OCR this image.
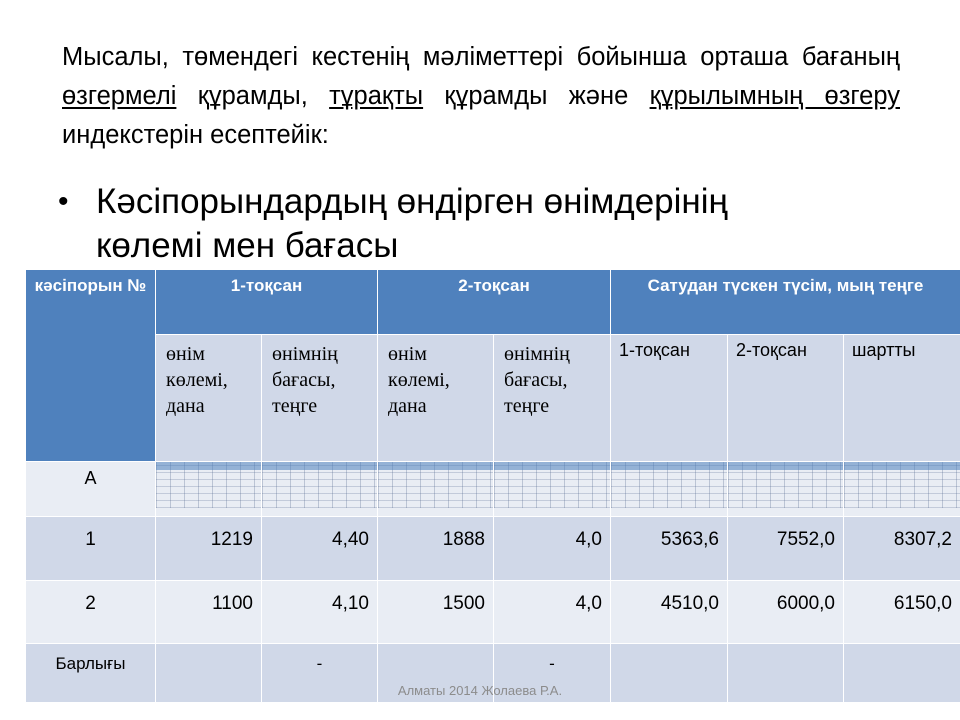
Мысалы, төмендегі кестенің мәліметтері бойынша орташа бағаның өзгермелі құрамды, тұрақты құрамды және құрылымның өзгеру индекстерін есептейік:
• Кәсіпорындардың өндірген өнімдерінің
көлемі мен бағасы
кәсіпорын №	1-тоқсан		2-тоқсан		Сатудан түскен түсім, мың теңге		

	өнім көлемі, дана	өнімнің бағасы, теңге	өнім көлемі, дана	өнімнің бағасы, теңге	1-тоқсан	2-тоқсан	шартты

А	

1	1219	4,40	1888	4,0	5363,6	7552,0	8307,2
2	1100	4,10	1500	4,0	4510,0	6000,0	6150,0
Барлығы		-		-			
Алматы 2014 Жолаева Р.А.
